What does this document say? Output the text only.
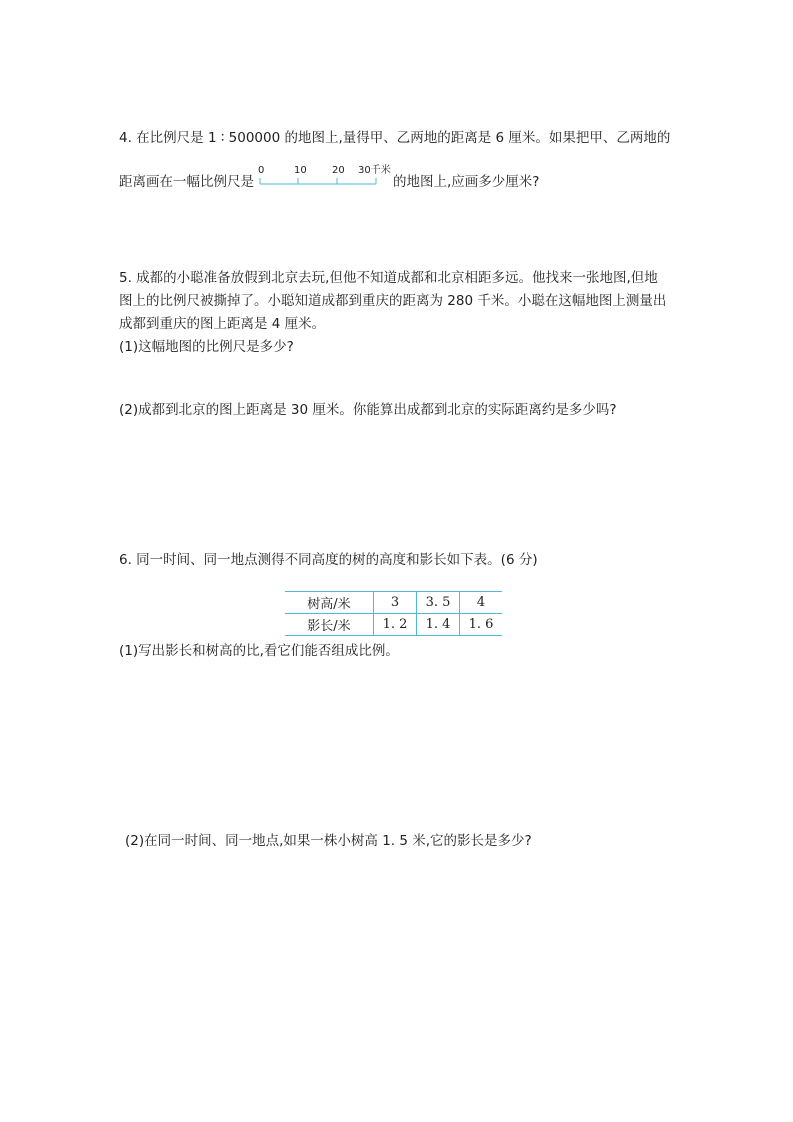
4. 在比例尺是 1 ∶ 500000 的地图上,量得甲、乙两地的距离是 6 厘米。如果把甲、乙两地的
距离画在一幅比例尺是
0	10	20 30千米
的地图上,应画多少厘米?
5. 成都的小聪准备放假到北京去玩,但他不知道成都和北京相距多远。他找来一张地图,但地
图上的比例尺被撕掉了。小聪知道成都到重庆的距离为 280 千米。小聪在这幅地图上测量出
成都到重庆的图上距离是 4 厘米。
(1)这幅地图的比例尺是多少?
(2)成都到北京的图上距离是 30 厘米。你能算出成都到北京的实际距离约是多少吗?
6. 同一时间、同一地点测得不同高度的树的高度和影长如下表。(6 分)
树高/米	3	3. 5	4
影长/米	1. 2	1. 4	1. 6
(1)写出影长和树高的比,看它们能否组成比例。
(2)在同一时间、同一地点,如果一株小树高 1. 5 米,它的影长是多少?
